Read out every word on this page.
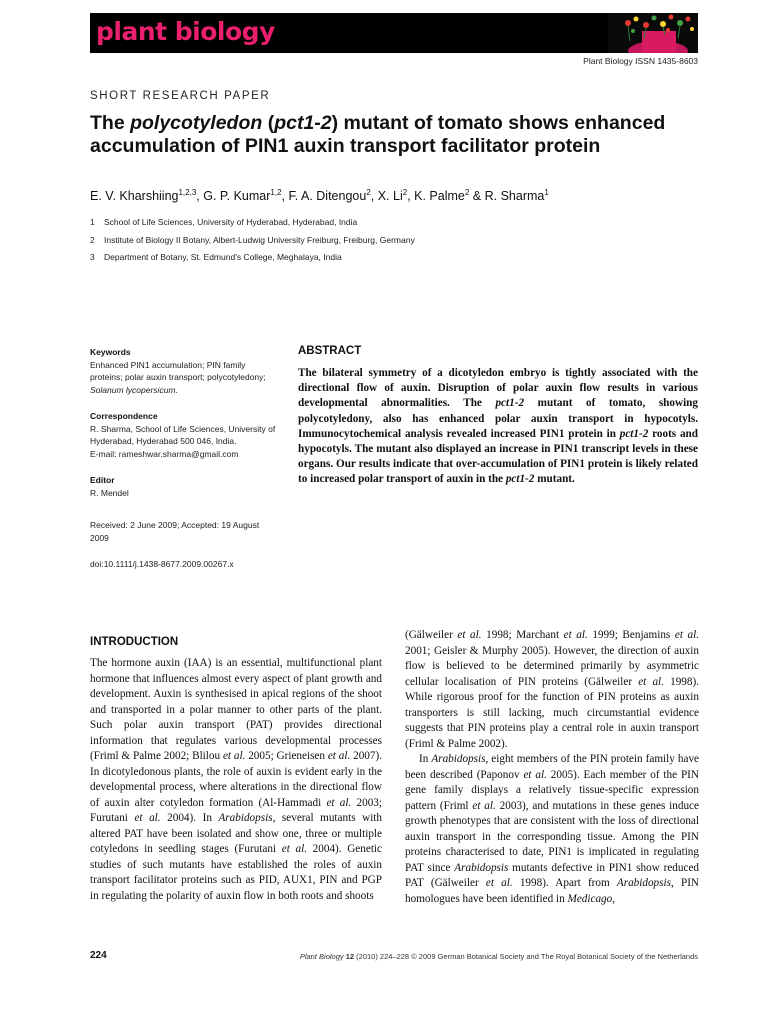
plant biology
Plant Biology ISSN 1435-8603
SHORT RESEARCH PAPER
The polycotyledon (pct1-2) mutant of tomato shows enhanced accumulation of PIN1 auxin transport facilitator protein
E. V. Kharshiing$^{1,2,3}$, G. P. Kumar$^{1,2}$, F. A. Ditengou$^2$, X. Li$^2$, K. Palme$^2$ & R. Sharma$^1$
1 School of Life Sciences, University of Hyderabad, Hyderabad, India
2 Institute of Biology II Botany, Albert-Ludwig University Freiburg, Freiburg, Germany
3 Department of Botany, St. Edmund's College, Meghalaya, India
Keywords
Enhanced PIN1 accumulation; PIN family proteins; polar auxin transport; polycotyledony; Solanum lycopersicum.
Correspondence
R. Sharma, School of Life Sciences, University of Hyderabad, Hyderabad 500 046, India.
E-mail: rameshwar.sharma@gmail.com
Editor
R. Mendel
Received: 2 June 2009; Accepted: 19 August 2009
doi:10.1111/j.1438-8677.2009.00267.x
ABSTRACT
The bilateral symmetry of a dicotyledon embryo is tightly associated with the directional flow of auxin. Disruption of polar auxin flow results in various developmental abnormalities. The pct1-2 mutant of tomato, showing polycotyledony, also has enhanced polar auxin transport in hypocotyls. Immunocytochemical analysis revealed increased PIN1 protein in pct1-2 roots and hypocotyls. The mutant also displayed an increase in PIN1 transcript levels in these organs. Our results indicate that over-accumulation of PIN1 protein is likely related to increased polar transport of auxin in the pct1-2 mutant.
INTRODUCTION

The hormone auxin (IAA) is an essential, multifunctional plant hormone that influences almost every aspect of plant growth and development. Auxin is synthesised in apical regions of the shoot and transported in a polar manner to other parts of the plant. Such polar auxin transport (PAT) provides directional information that regulates various developmental processes (Friml & Palme 2002; Blilou et al. 2005; Grieneisen et al. 2007). In dicotyledonous plants, the role of auxin is evident early in the developmental process, where alterations in the directional flow of auxin alter cotyledon formation (Al-Hammadi et al. 2003; Furutani et al. 2004). In Arabidopsis, several mutants with altered PAT have been isolated and show one, three or multiple cotyledons in seedling stages (Furutani et al. 2004). Genetic studies of such mutants have established the roles of auxin transport facilitator proteins such as PID, AUX1, PIN and PGP in regulating the polarity of auxin flow in both roots and shoots

(Gälweiler et al. 1998; Marchant et al. 1999; Benjamins et al. 2001; Geisler & Murphy 2005). However, the direction of auxin flow is believed to be determined primarily by asymmetric cellular localisation of PIN proteins (Gälweiler et al. 1998). While rigorous proof for the function of PIN proteins as auxin transporters is still lacking, much circumstantial evidence suggests that PIN proteins play a central role in auxin transport (Friml & Palme 2002).

In Arabidopsis, eight members of the PIN protein family have been described (Paponov et al. 2005). Each member of the PIN gene family displays a relatively tissue-specific expression pattern (Friml et al. 2003), and mutations in these genes induce growth phenotypes that are consistent with the loss of directional auxin transport in the corresponding tissue. Among the PIN proteins characterised to date, PIN1 is implicated in regulating PAT since Arabidopsis mutants defective in PIN1 show reduced PAT (Gälweiler et al. 1998). Apart from Arabidopsis, PIN homologues have been identified in Medicago,

224	Plant Biology 12 (2010) 224–228 © 2009 German Botanical Society and The Royal Botanical Society of the Netherlands
